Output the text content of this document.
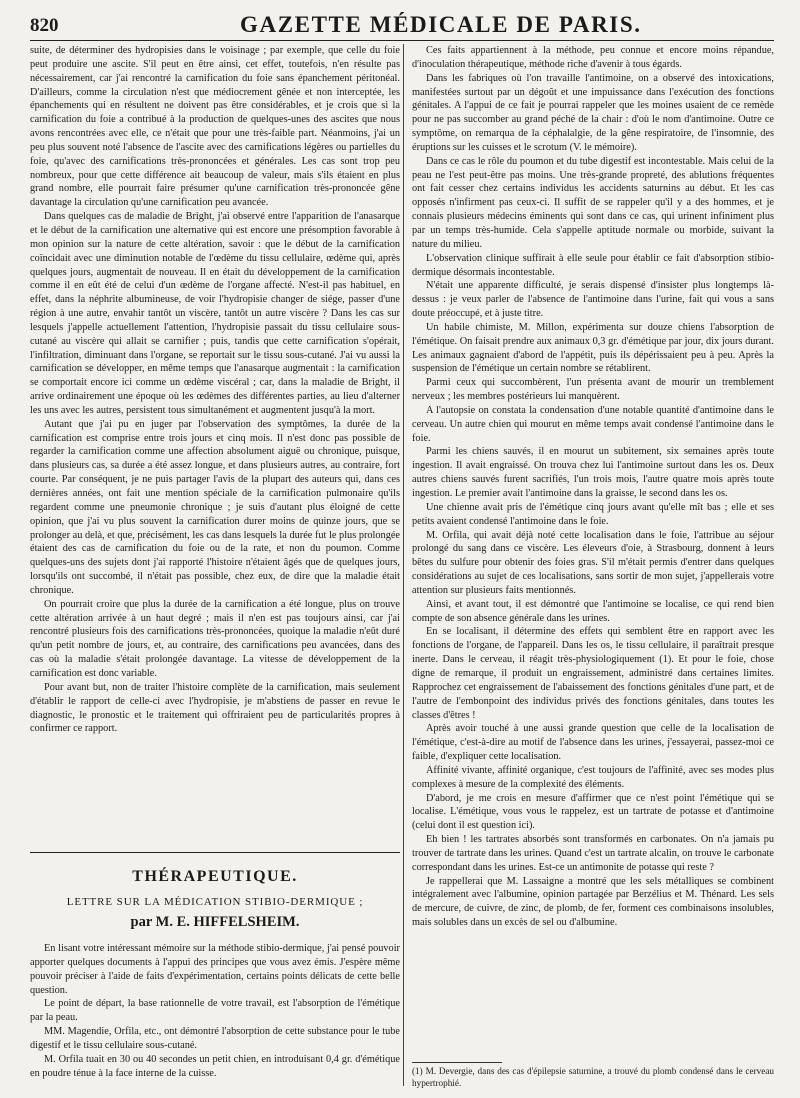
820	GAZETTE MÉDICALE DE PARIS.

suite, de déterminer des hydropisies dans le voisinage ; par exemple, que celle du foie peut produire une ascite. S'il peut en être ainsi, cet effet, toutefois, n'en résulte pas nécessairement, car j'ai rencontré la carnification du foie sans épanchement péritonéal. D'ailleurs, comme la circulation n'est que médiocrement gênée et non interceptée, les épanchements qui en résultent ne doivent pas être considérables, et je crois que si la carnification du foie a contribué à la production de quelques-unes des ascites que nous avons rencontrées avec elle, ce n'était que pour une très-faible part. Néanmoins, j'ai un peu plus souvent noté l'absence de l'ascite avec des carnifications légères ou partielles du foie, qu'avec des carnifications très-prononcées et générales. Les cas sont trop peu nombreux, pour que cette différence ait beaucoup de valeur, mais s'ils étaient en plus grand nombre, elle pourrait faire présumer qu'une carnification très-prononcée gêne davantage la circulation qu'une carnification peu avancée.

Dans quelques cas de maladie de Bright, j'ai observé entre l'apparition de l'anasarque et le début de la carnification une alternative qui est encore une présomption favorable à mon opinion sur la nature de cette altération, savoir : que le début de la carnification coïncidait avec une diminution notable de l'œdème du tissu cellulaire, œdème qui, après quelques jours, augmentait de nouveau. Il en était du développement de la carnification comme il en eût été de celui d'un œdème de l'organe affecté. N'est-il pas habituel, en effet, dans la néphrite albumineuse, de voir l'hydropisie changer de siége, passer d'une région à une autre, envahir tantôt un viscère, tantôt un autre viscère ? Dans les cas sur lesquels j'appelle actuellement l'attention, l'hydropisie passait du tissu cellulaire sous-cutané au viscère qui allait se carnifier ; puis, tandis que cette carnification s'opérait, l'infiltration, diminuant dans l'organe, se reportait sur le tissu sous-cutané. J'ai vu aussi la carnification se développer, en même temps que l'anasarque augmentait : la carnification se comportait encore ici comme un œdème viscéral ; car, dans la maladie de Bright, il arrive ordinairement une époque où les œdèmes des différentes parties, au lieu d'alterner les uns avec les autres, persistent tous simultanément et augmentent jusqu'à la mort.

Autant que j'ai pu en juger par l'observation des symptômes, la durée de la carnification est comprise entre trois jours et cinq mois. Il n'est donc pas possible de regarder la carnification comme une affection absolument aiguë ou chronique, puisque, dans plusieurs cas, sa durée a été assez longue, et dans plusieurs autres, au contraire, fort courte. Par conséquent, je ne puis partager l'avis de la plupart des auteurs qui, dans ces dernières années, ont fait une mention spéciale de la carnification pulmonaire qu'ils regardent comme une pneumonie chronique ; je suis d'autant plus éloigné de cette opinion, que j'ai vu plus souvent la carnification durer moins de quinze jours, que se prolonger au delà, et que, précisément, les cas dans lesquels la durée fut le plus prolongée étaient des cas de carnification du foie ou de la rate, et non du poumon. Comme quelques-uns des sujets dont j'ai rapporté l'histoire n'étaient âgés que de quelques jours, lorsqu'ils ont succombé, il n'était pas possible, chez eux, de dire que la maladie était chronique.

On pourrait croire que plus la durée de la carnification a été longue, plus on trouve cette altération arrivée à un haut degré ; mais il n'en est pas toujours ainsi, car j'ai rencontré plusieurs fois des carnifications très-prononcées, quoique la maladie n'eût duré qu'un petit nombre de jours, et, au contraire, des carnifications peu avancées, dans des cas où la maladie s'était prolongée davantage. La vitesse de développement de la carnification est donc variable.

Pour avant but, non de traiter l'histoire complète de la carnification, mais seulement d'établir le rapport de celle-ci avec l'hydropisie, je m'abstiens de passer en revue le diagnostic, le pronostic et le traitement qui offriraient peu de particularités propres à confirmer ce rapport.

THÉRAPEUTIQUE.
LETTRE SUR LA MÉDICATION STIBIO-DERMIQUE ;
par M. E. HIFFELSHEIM.

En lisant votre intéressant mémoire sur la méthode stibio-dermique, j'ai pensé pouvoir apporter quelques documents à l'appui des principes que vous avez émis. J'espère même pouvoir préciser à l'aide de faits d'expérimentation, certains points délicats de cette belle question.

Le point de départ, la base rationnelle de votre travail, est l'absorption de l'émétique par la peau.

MM. Magendie, Orfila, etc., ont démontré l'absorption de cette substance pour le tube digestif et le tissu cellulaire sous-cutané.

M. Orfila tuait en 30 ou 40 secondes un petit chien, en introduisant 0,4 gr. d'émétique en poudre ténue à la face interne de la cuisse.

Ces faits appartiennent à la méthode, peu connue et encore moins répandue, d'inoculation thérapeutique, méthode riche d'avenir à tous égards.

Dans les fabriques où l'on travaille l'antimoine, on a observé des intoxications, manifestées surtout par un dégoût et une impuissance dans l'exécution des fonctions génitales. A l'appui de ce fait je pourrai rappeler que les moines usaient de ce remède pour ne pas succomber au grand péché de la chair : d'où le nom d'antimoine. Outre ce symptôme, on remarqua de la céphalalgie, de la gêne respiratoire, de l'insomnie, des éruptions sur les cuisses et le scrotum (V. le mémoire).

Dans ce cas le rôle du poumon et du tube digestif est incontestable. Mais celui de la peau ne l'est peut-être pas moins. Une très-grande propreté, des ablutions fréquentes ont fait cesser chez certains individus les accidents saturnins au début. Et les cas opposés n'infirment pas ceux-ci. Il suffit de se rappeler qu'il y a des hommes, et je connais plusieurs médecins éminents qui sont dans ce cas, qui urinent infiniment plus par un temps très-humide. Cela s'appelle aptitude normale ou morbide, suivant la nature du milieu.

L'observation clinique suffirait à elle seule pour établir ce fait d'absorption stibio-dermique désormais incontestable.

N'était une apparente difficulté, je serais dispensé d'insister plus longtemps là-dessus : je veux parler de l'absence de l'antimoine dans l'urine, fait qui vous a sans doute préoccupé, et à juste titre.

Un habile chimiste, M. Millon, expérimenta sur douze chiens l'absorption de l'émétique. On faisait prendre aux animaux 0,3 gr. d'émétique par jour, dix jours durant. Les animaux gagnaient d'abord de l'appétit, puis ils dépérissaient peu à peu. Après la suspension de l'émétique un certain nombre se rétablirent.

Parmi ceux qui succombèrent, l'un présenta avant de mourir un tremblement nerveux ; les membres postérieurs lui manquèrent.

A l'autopsie on constata la condensation d'une notable quantité d'antimoine dans le cerveau. Un autre chien qui mourut en même temps avait condensé l'antimoine dans le foie.

Parmi les chiens sauvés, il en mourut un subitement, six semaines après toute ingestion. Il avait engraissé. On trouva chez lui l'antimoine surtout dans les os. Deux autres chiens sauvés furent sacrifiés, l'un trois mois, l'autre quatre mois après toute ingestion. Le premier avait l'antimoine dans la graisse, le second dans les os.

Une chienne avait pris de l'émétique cinq jours avant qu'elle mît bas ; elle et ses petits avaient condensé l'antimoine dans le foie.

M. Orfila, qui avait déjà noté cette localisation dans le foie, l'attribue au séjour prolongé du sang dans ce viscère. Les éleveurs d'oie, à Strasbourg, donnent à leurs bêtes du sulfure pour obtenir des foies gras. S'il m'était permis d'entrer dans quelques considérations au sujet de ces localisations, sans sortir de mon sujet, j'appellerais votre attention sur plusieurs faits mentionnés.

Ainsi, et avant tout, il est démontré que l'antimoine se localise, ce qui rend bien compte de son absence générale dans les urines.

En se localisant, il détermine des effets qui semblent être en rapport avec les fonctions de l'organe, de l'appareil. Dans les os, le tissu cellulaire, il paraîtrait presque inerte. Dans le cerveau, il réagit très-physiologiquement (1). Et pour le foie, chose digne de remarque, il produit un engraissement, administré dans certaines limites. Rapprochez cet engraissement de l'abaissement des fonctions génitales d'une part, et de l'autre de l'embonpoint des individus privés des fonctions génitales, dans toutes les classes d'êtres !

Après avoir touché à une aussi grande question que celle de la localisation de l'émétique, c'est-à-dire au motif de l'absence dans les urines, j'essayerai, passez-moi ce faible, d'expliquer cette localisation.

Affinité vivante, affinité organique, c'est toujours de l'affinité, avec ses modes plus complexes à mesure de la complexité des éléments.

D'abord, je me crois en mesure d'affirmer que ce n'est point l'émétique qui se localise. L'émétique, vous vous le rappelez, est un tartrate de potasse et d'antimoine (celui dont il est question ici).

Eh bien ! les tartrates absorbés sont transformés en carbonates. On n'a jamais pu trouver de tartrate dans les urines. Quand c'est un tartrate alcalin, on trouve le carbonate correspondant dans les urines. Est-ce un antimonite de potasse qui reste ?

Je rappellerai que M. Lassaigne a montré que les sels métalliques se combinent intégralement avec l'albumine, opinion partagée par Berzélius et M. Thénard. Les sels de mercure, de cuivre, de zinc, de plomb, de fer, forment ces combinaisons insolubles, mais solubles dans un excès de sel ou d'albumine.

(1) M. Devergie, dans des cas d'épilepsie saturnine, a trouvé du plomb condensé dans le cerveau hypertrophié.
